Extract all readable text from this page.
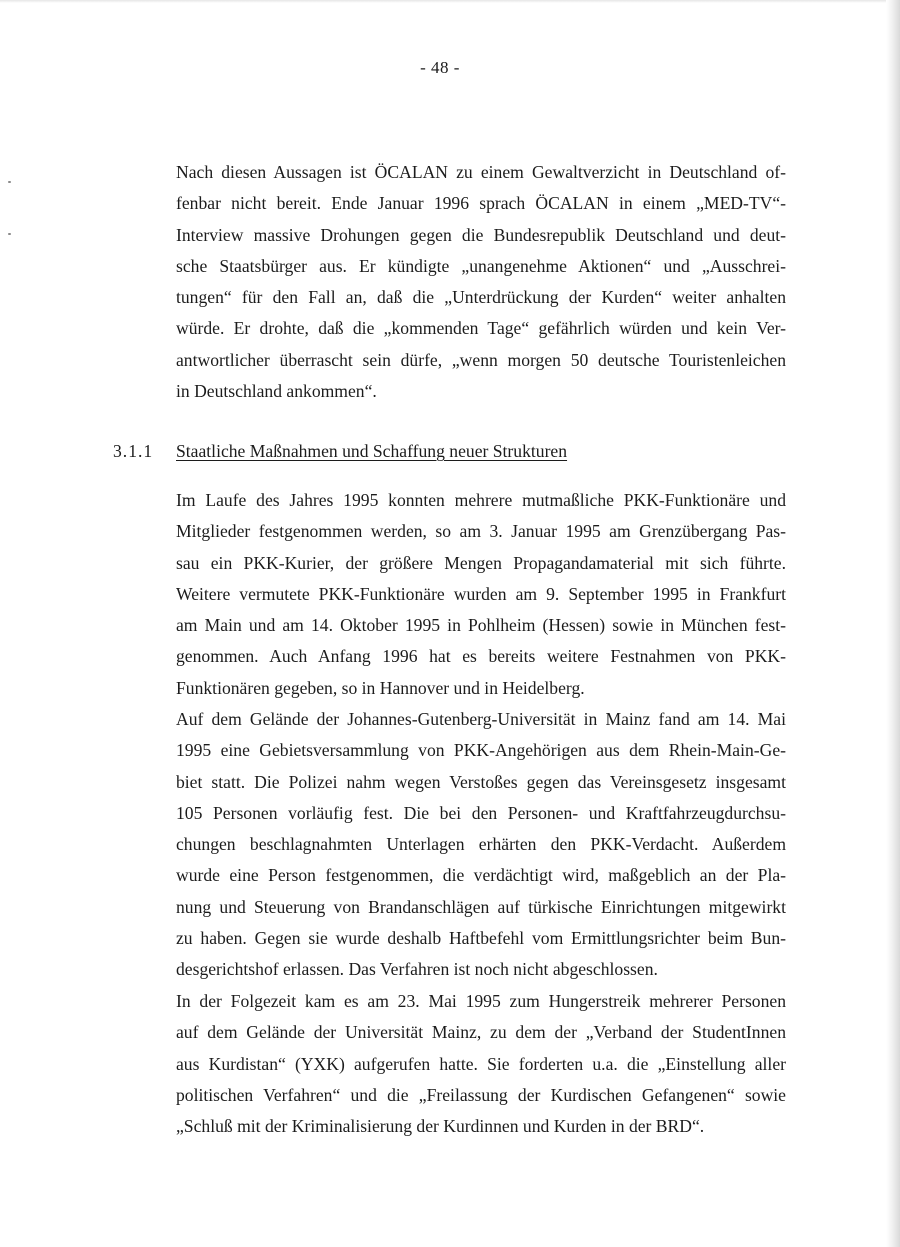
- 48 -
Nach diesen Aussagen ist ÖCALAN zu einem Gewaltverzicht in Deutschland of-
fenbar nicht bereit. Ende Januar 1996 sprach ÖCALAN in einem „MED-TV“-
Interview massive Drohungen gegen die Bundesrepublik Deutschland und deut-
sche Staatsbürger aus. Er kündigte „unangenehme Aktionen“ und „Ausschrei-
tungen“ für den Fall an, daß die „Unterdrückung der Kurden“ weiter anhalten
würde. Er drohte, daß die „kommenden Tage“ gefährlich würden und kein Ver-
antwortlicher überrascht sein dürfe, „wenn morgen 50 deutsche Touristenleichen
in Deutschland ankommen“.
3.1.1 Staatliche Maßnahmen und Schaffung neuer Strukturen
Im Laufe des Jahres 1995 konnten mehrere mutmaßliche PKK-Funktionäre und
Mitglieder festgenommen werden, so am 3. Januar 1995 am Grenzübergang Pas-
sau ein PKK-Kurier, der größere Mengen Propagandamaterial mit sich führte.
Weitere vermutete PKK-Funktionäre wurden am 9. September 1995 in Frankfurt
am Main und am 14. Oktober 1995 in Pohlheim (Hessen) sowie in München fest-
genommen. Auch Anfang 1996 hat es bereits weitere Festnahmen von PKK-
Funktionären gegeben, so in Hannover und in Heidelberg.
Auf dem Gelände der Johannes-Gutenberg-Universität in Mainz fand am 14. Mai
1995 eine Gebietsversammlung von PKK-Angehörigen aus dem Rhein-Main-Ge-
biet statt. Die Polizei nahm wegen Verstoßes gegen das Vereinsgesetz insgesamt
105 Personen vorläufig fest. Die bei den Personen- und Kraftfahrzeugdurchsu-
chungen beschlagnahmten Unterlagen erhärten den PKK-Verdacht. Außerdem
wurde eine Person festgenommen, die verdächtigt wird, maßgeblich an der Pla-
nung und Steuerung von Brandanschlägen auf türkische Einrichtungen mitgewirkt
zu haben. Gegen sie wurde deshalb Haftbefehl vom Ermittlungsrichter beim Bun-
desgerichtshof erlassen. Das Verfahren ist noch nicht abgeschlossen.
In der Folgezeit kam es am 23. Mai 1995 zum Hungerstreik mehrerer Personen
auf dem Gelände der Universität Mainz, zu dem der „Verband der StudentInnen
aus Kurdistan“ (YXK) aufgerufen hatte. Sie forderten u.a. die „Einstellung aller
politischen Verfahren“ und die „Freilassung der Kurdischen Gefangenen“ sowie
„Schluß mit der Kriminalisierung der Kurdinnen und Kurden in der BRD“.
